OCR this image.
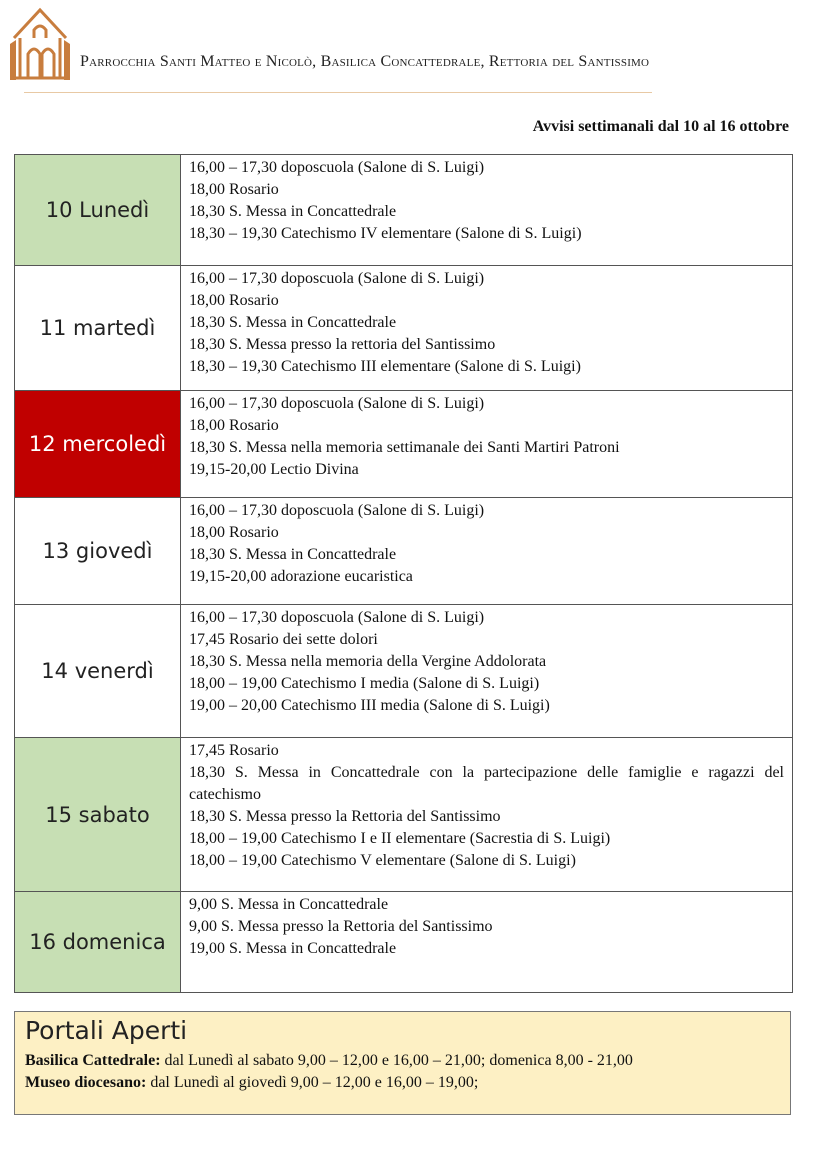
Parrocchia Santi Matteo e Nicolò, Basilica Concattedrale, Rettoria del Santissimo
Avvisi settimanali dal 10 al 16 ottobre
10 Lunedì	16,00 – 17,30 doposcuola (Salone di S. Luigi)
18,00 Rosario
18,30 S. Messa in Concattedrale
18,30 – 19,30 Catechismo IV elementare (Salone di S. Luigi)

11 martedì	16,00 – 17,30 doposcuola (Salone di S. Luigi)
18,00 Rosario
18,30 S. Messa in Concattedrale
18,30 S. Messa presso la rettoria del Santissimo
18,30 – 19,30 Catechismo III elementare (Salone di S. Luigi)

12 mercoledì	16,00 – 17,30 doposcuola (Salone di S. Luigi)
18,00 Rosario
18,30 S. Messa nella memoria settimanale dei Santi Martiri Patroni
19,15-20,00 Lectio Divina

13 giovedì	16,00 – 17,30 doposcuola (Salone di S. Luigi)
18,00 Rosario
18,30 S. Messa in Concattedrale
19,15-20,00 adorazione eucaristica

14 venerdì	16,00 – 17,30 doposcuola (Salone di S. Luigi)
17,45 Rosario dei sette dolori
18,30 S. Messa nella memoria della Vergine Addolorata
18,00 – 19,00 Catechismo I media (Salone di S. Luigi)
19,00 – 20,00 Catechismo III media (Salone di S. Luigi)

15 sabato	17,45 Rosario
18,30 S. Messa in Concattedrale con la partecipazione delle famiglie e ragazzi del catechismo
18,30 S. Messa presso la Rettoria del Santissimo
18,00 – 19,00 Catechismo I e II elementare (Sacrestia di S. Luigi)
18,00 – 19,00 Catechismo V elementare (Salone di S. Luigi)

16 domenica	9,00 S. Messa in Concattedrale
9,00 S. Messa presso la Rettoria del Santissimo
19,00 S. Messa in Concattedrale
Portali Aperti
Basilica Cattedrale: dal Lunedì al sabato 9,00 – 12,00 e 16,00 – 21,00; domenica 8,00 - 21,00
Museo diocesano: dal Lunedì al giovedì 9,00 – 12,00 e 16,00 – 19,00;
